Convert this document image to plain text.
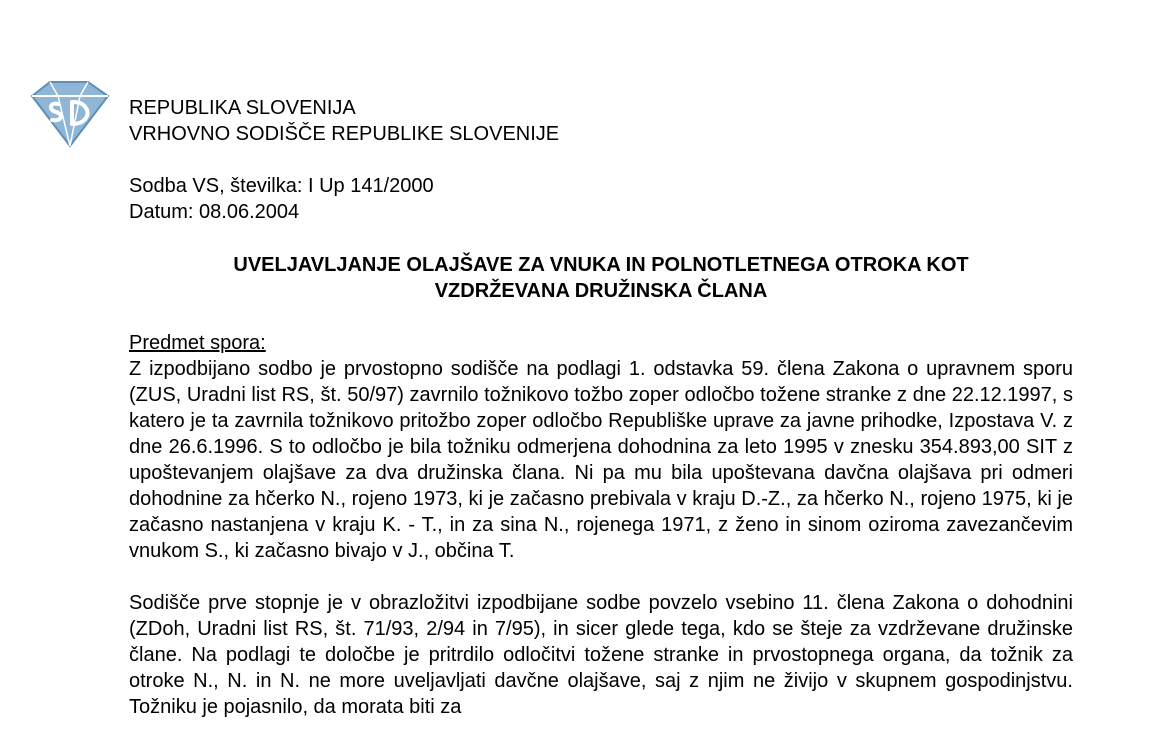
REPUBLIKA SLOVENIJA
VRHOVNO SODIŠČE REPUBLIKE SLOVENIJE
Sodba VS, številka: I Up 141/2000
Datum: 08.06.2004
UVELJAVLJANJE OLAJŠAVE ZA VNUKA IN POLNOTLETNEGA OTROKA KOT
VZDRŽEVANA DRUŽINSKA ČLANA
Predmet spora:

Z izpodbijano sodbo je prvostopno sodišče na podlagi 1. odstavka 59. člena Zakona o upravnem sporu (ZUS, Uradni list RS, št. 50/97) zavrnilo tožnikovo tožbo zoper odločbo tožene stranke z dne 22.12.1997, s katero je ta zavrnila tožnikovo pritožbo zoper odločbo Republiške uprave za javne prihodke, Izpostava V. z dne 26.6.1996. S to odločbo je bila tožniku odmerjena dohodnina za leto 1995 v znesku 354.893,00 SIT z upoštevanjem olajšave za dva družinska člana. Ni pa mu bila upoštevana davčna olajšava pri odmeri dohodnine za hčerko N., rojeno 1973, ki je začasno prebivala v kraju D.-Z., za hčerko N., rojeno 1975, ki je začasno nastanjena v kraju K. - T., in za sina N., rojenega 1971, z ženo in sinom oziroma zavezančevim vnukom S., ki začasno bivajo v J., občina T.

Sodišče prve stopnje je v obrazložitvi izpodbijane sodbe povzelo vsebino 11. člena Zakona o dohodnini (ZDoh, Uradni list RS, št. 71/93, 2/94 in 7/95), in sicer glede tega, kdo se šteje za vzdrževane družinske člane. Na podlagi te določbe je pritrdilo odločitvi tožene stranke in prvostopnega organa, da tožnik za otroke N., N. in N. ne more uveljavljati davčne olajšave, saj z njim ne živijo v skupnem gospodinjstvu. Tožniku je pojasnilo, da morata biti za
